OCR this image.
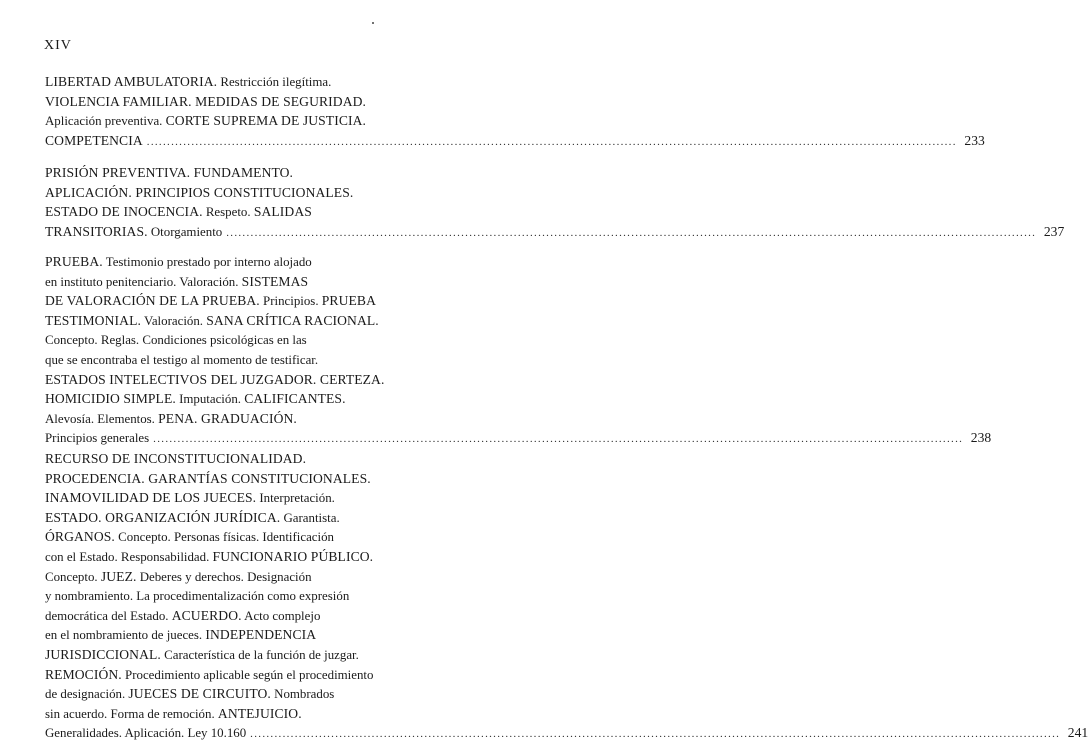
XIV
LIBERTAD AMBULATORIA. Restricción ilegítima.
VIOLENCIA FAMILIAR. MEDIDAS DE SEGURIDAD.
Aplicación preventiva. CORTE SUPREMA DE JUSTICIA.
COMPETENCIA ........................................................................................................................................................................................................ 233
PRISIÓN PREVENTIVA. FUNDAMENTO.
APLICACIÓN. PRINCIPIOS CONSTITUCIONALES.
ESTADO DE INOCENCIA. Respeto. SALIDAS
TRANSITORIAS. Otorgamiento ........................................................................................................................................................................................................ 237
PRUEBA. Testimonio prestado por interno alojado
en instituto penitenciario. Valoración. SISTEMAS
DE VALORACIÓN DE LA PRUEBA. Principios. PRUEBA
TESTIMONIAL. Valoración. SANA CRÍTICA RACIONAL.
Concepto. Reglas. Condiciones psicológicas en las
que se encontraba el testigo al momento de testificar.
ESTADOS INTELECTIVOS DEL JUZGADOR. CERTEZA.
HOMICIDIO SIMPLE. Imputación. CALIFICANTES.
Alevosía. Elementos. PENA. GRADUACIÓN.
Principios generales ........................................................................................................................................................................................................ 238
RECURSO DE INCONSTITUCIONALIDAD.
PROCEDENCIA. GARANTÍAS CONSTITUCIONALES.
INAMOVILIDAD DE LOS JUECES. Interpretación.
ESTADO. ORGANIZACIÓN JURÍDICA. Garantista.
ÓRGANOS. Concepto. Personas físicas. Identificación
con el Estado. Responsabilidad. FUNCIONARIO PÚBLICO.
Concepto. JUEZ. Deberes y derechos. Designación
y nombramiento. La procedimentalización como expresión
democrática del Estado. ACUERDO. Acto complejo
en el nombramiento de jueces. INDEPENDENCIA
JURISDICCIONAL. Característica de la función de juzgar.
REMOCIÓN. Procedimiento aplicable según el procedimiento
de designación. JUECES DE CIRCUITO. Nombrados
sin acuerdo. Forma de remoción. ANTEJUICIO.
Generalidades. Aplicación. Ley 10.160 ........................................................................................................................................................................................................ 241
